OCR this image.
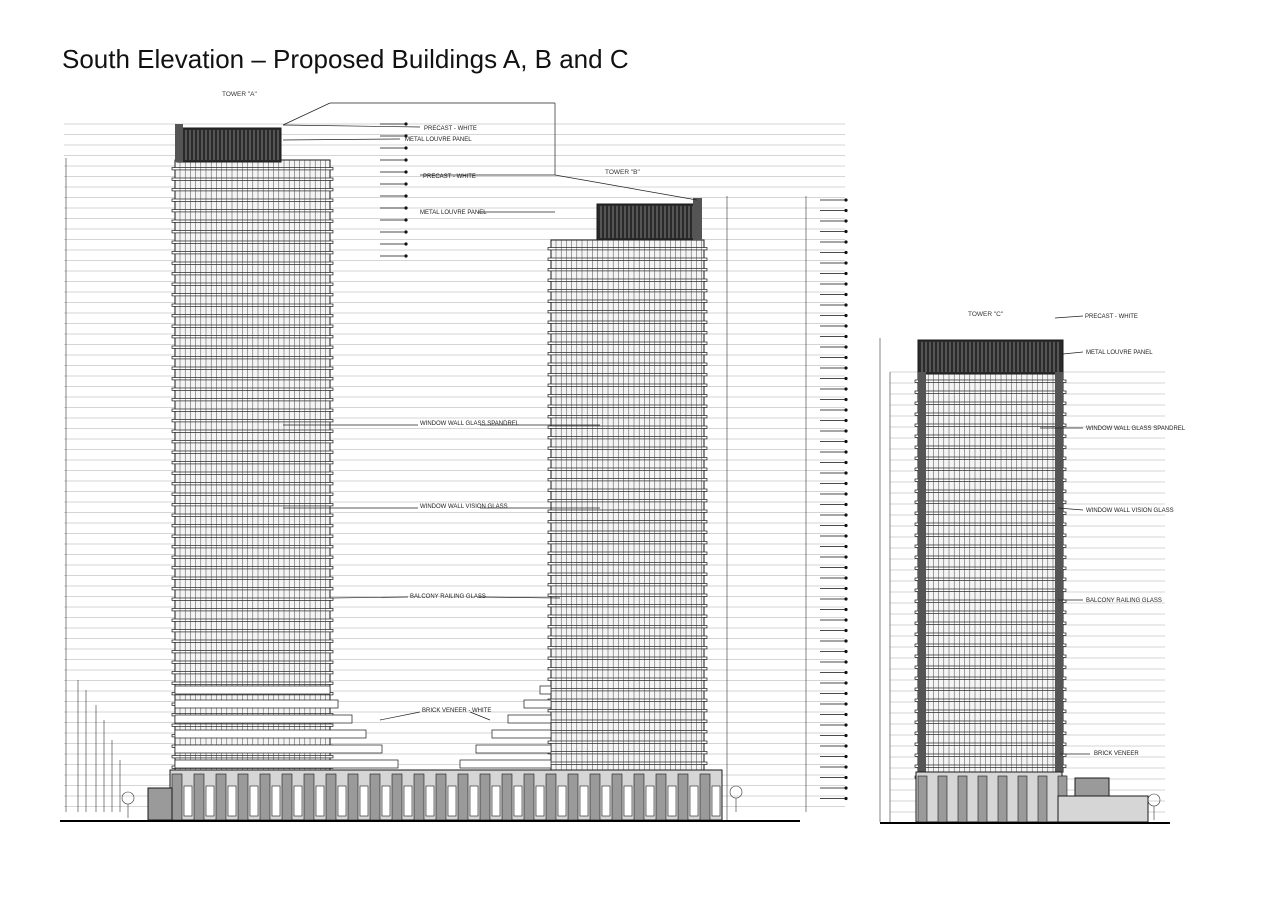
South Elevation – Proposed Buildings A, B and C
TOWER "A"
TOWER "B"
TOWER "C"
PRECAST - WHITE
METAL LOUVRE PANEL
PRECAST - WHITE
METAL LOUVRE PANEL
WINDOW WALL GLASS SPANDREL
WINDOW WALL VISION GLASS
BALCONY RAILING GLASS
BRICK VENEER - WHITE
PRECAST - WHITE
METAL LOUVRE PANEL
WINDOW WALL GLASS SPANDREL
WINDOW WALL VISION GLASS
BALCONY RAILING GLASS
BRICK VENEER
